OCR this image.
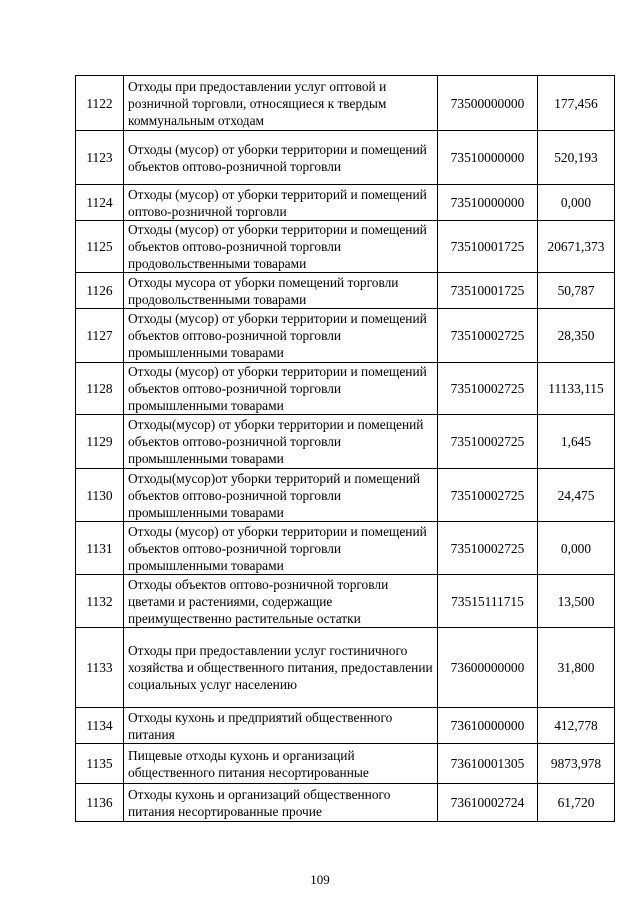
1122	Отходы при предоставлении услуг оптовой и розничной торговли, относящиеся к твердым коммунальным отходам	73500000000	177,456
1123	Отходы (мусор) от уборки территории и помещений объектов оптово-розничной торговли	73510000000	520,193
1124	Отходы (мусор) от уборки территорий и помещений оптово-розничной торговли	73510000000	0,000
1125	Отходы (мусор) от уборки территории и помещений объектов оптово-розничной торговли продовольственными товарами	73510001725	20671,373
1126	Отходы мусора от уборки помещений торговли продовольственными товарами	73510001725	50,787
1127	Отходы (мусор) от уборки территории и помещений объектов оптово-розничной торговли промышленными товарами	73510002725	28,350
1128	Отходы (мусор) от уборки территории и помещений объектов оптово-розничной торговли промышленными товарами	73510002725	11133,115
1129	Отходы(мусор) от уборки территории и помещений объектов оптово-розничной торговли промышленными товарами	73510002725	1,645
1130	Отходы(мусор)от уборки территорий и помещений объектов оптово-розничной торговли промышленными товарами	73510002725	24,475
1131	Отходы (мусор) от уборки территории и помещений объектов оптово-розничной торговли промышленными товарами	73510002725	0,000
1132	Отходы объектов оптово-розничной торговли цветами и растениями, содержащие преимущественно растительные остатки	73515111715	13,500
1133	Отходы при предоставлении услуг гостиничного хозяйства и общественного питания, предоставлении социальных услуг населению	73600000000	31,800
1134	Отходы кухонь и предприятий общественного питания	73610000000	412,778
1135	Пищевые отходы кухонь и организаций общественного питания несортированные	73610001305	9873,978
1136	Отходы кухонь и организаций общественного питания несортированные прочие	73610002724	61,720
109
